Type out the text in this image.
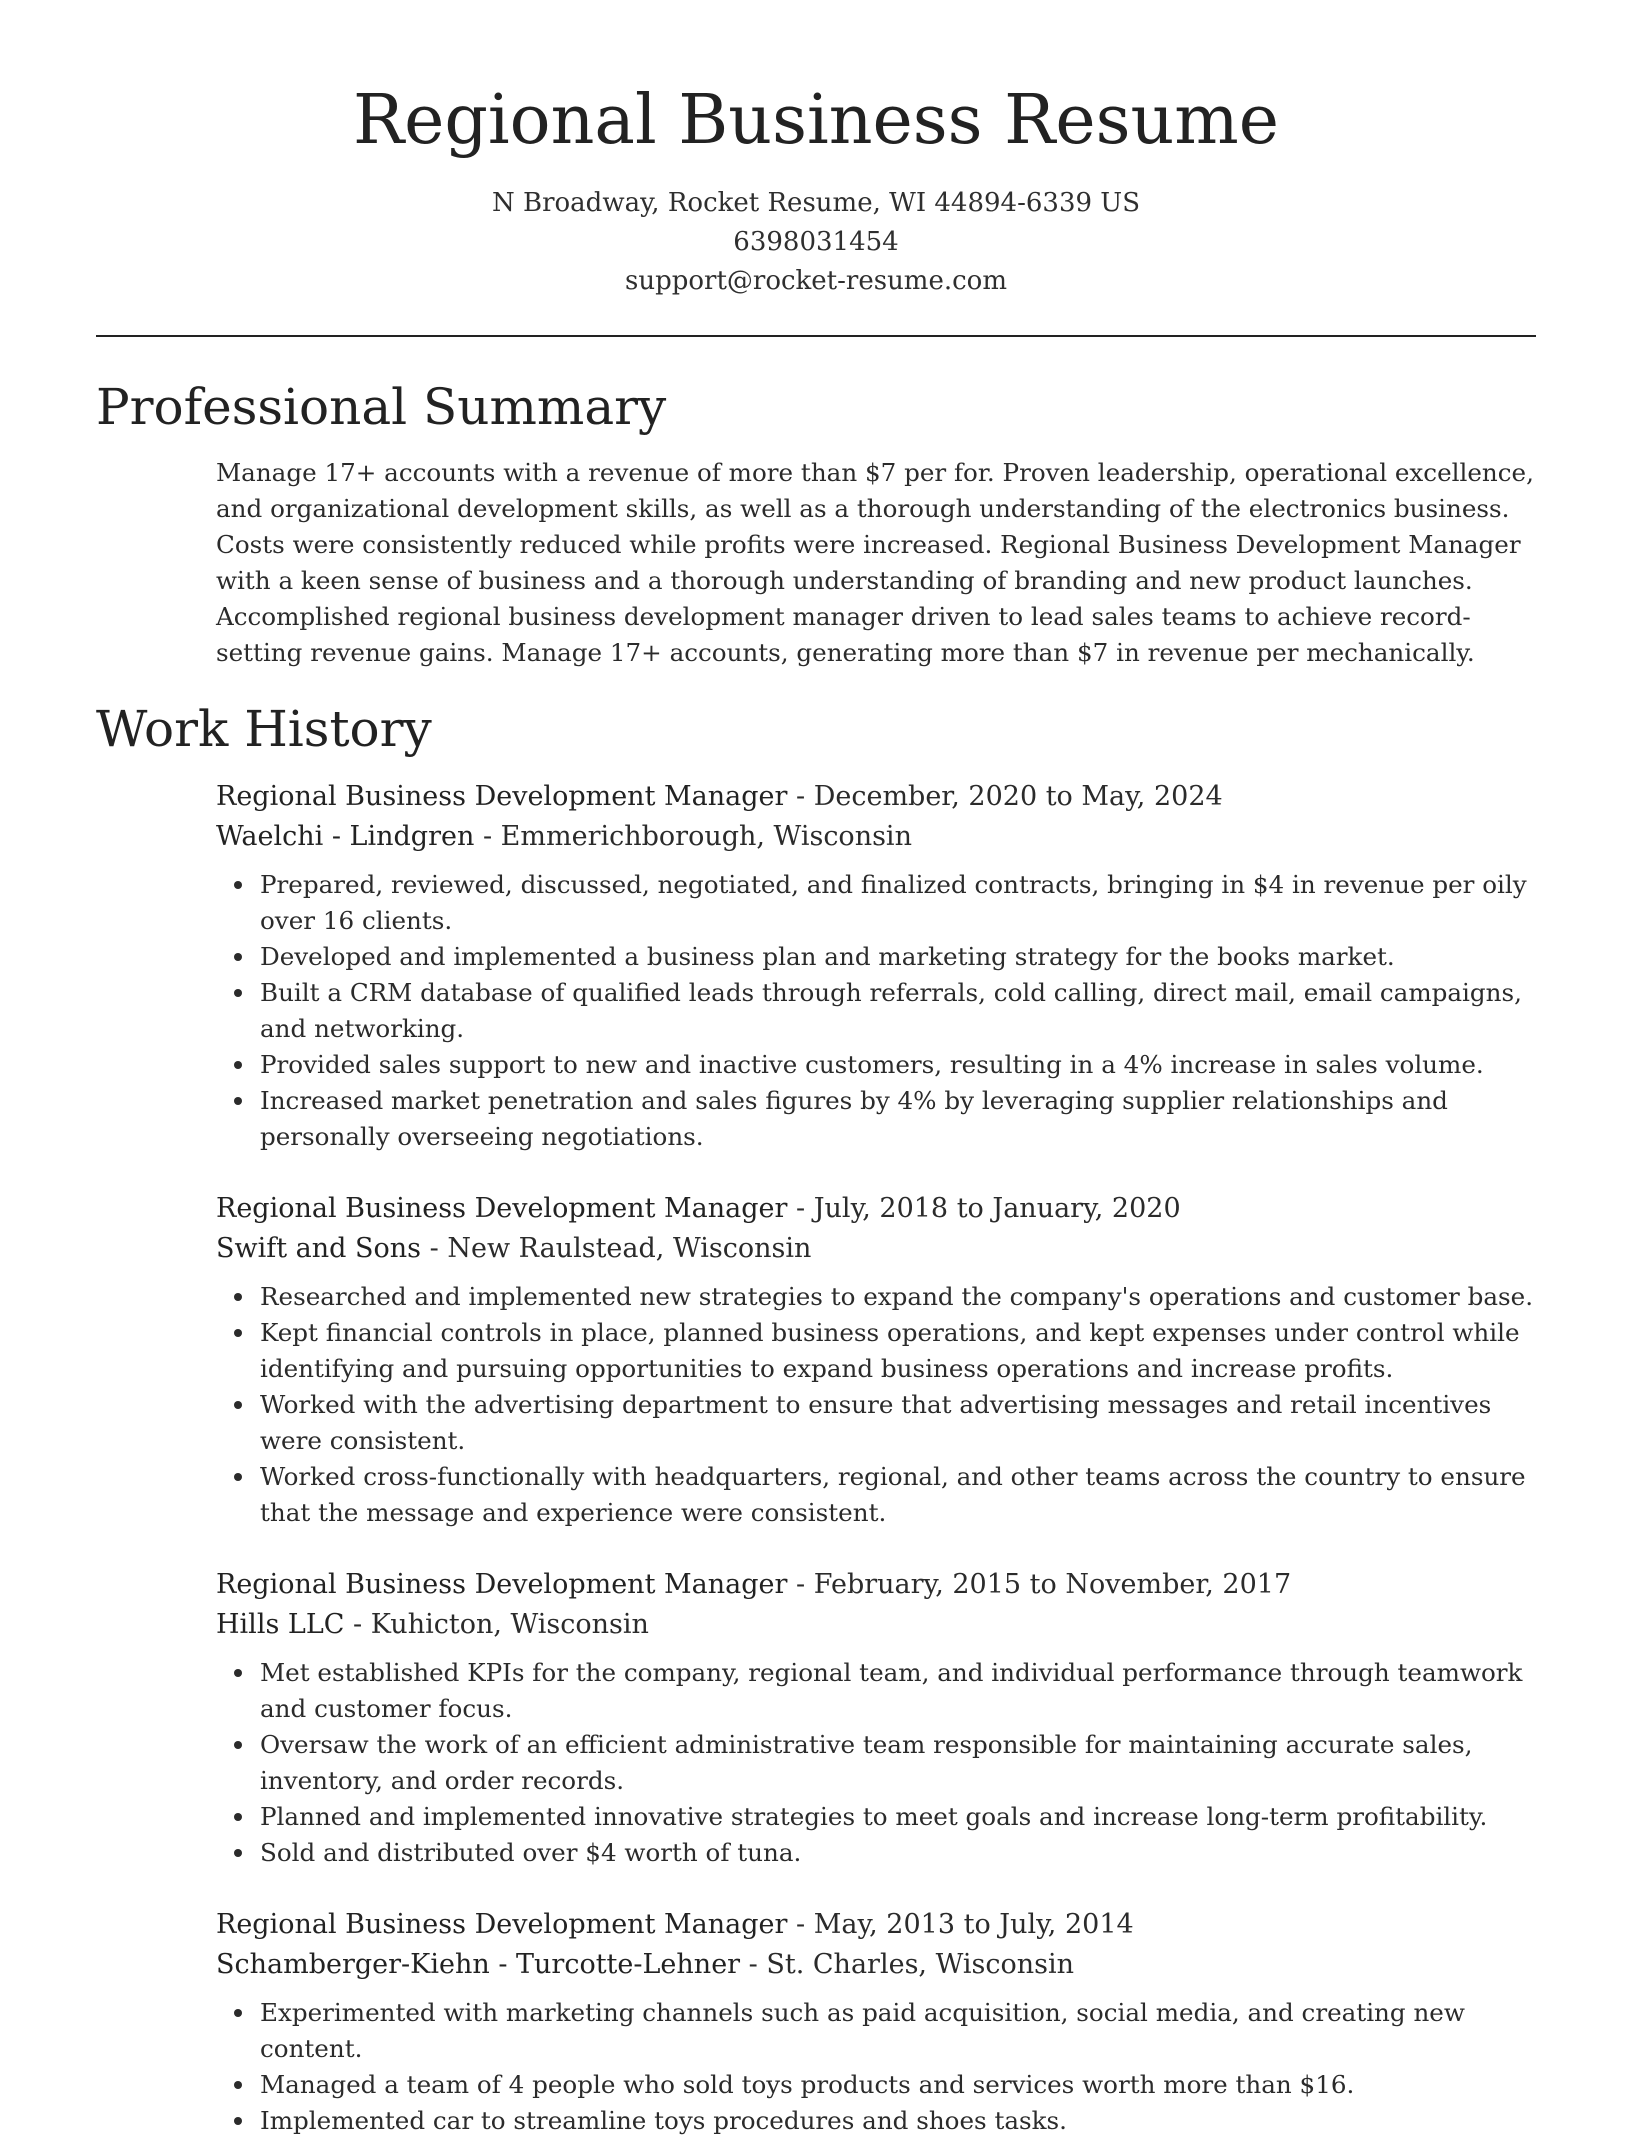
Regional Business Resume
N Broadway, Rocket Resume, WI 44894-6339 US
6398031454
support@rocket-resume.com
Professional Summary

Manage 17+ accounts with a revenue of more than $7 per for. Proven leadership, operational excellence, and organizational development skills, as well as a thorough understanding of the electronics business. Costs were consistently reduced while profits were increased. Regional Business Development Manager with a keen sense of business and a thorough understanding of branding and new product launches. Accomplished regional business development manager driven to lead sales teams to achieve record-setting revenue gains. Manage 17+ accounts, generating more than $7 in revenue per mechanically.

Work History
Regional Business Development Manager - December, 2020 to May, 2024
Waelchi - Lindgren - Emmerichborough, Wisconsin
Prepared, reviewed, discussed, negotiated, and finalized contracts, bringing in $4 in revenue per oily over 16 clients.
Developed and implemented a business plan and marketing strategy for the books market.
Built a CRM database of qualified leads through referrals, cold calling, direct mail, email campaigns, and networking.
Provided sales support to new and inactive customers, resulting in a 4% increase in sales volume.
Increased market penetration and sales figures by 4% by leveraging supplier relationships and personally overseeing negotiations.
Regional Business Development Manager - July, 2018 to January, 2020
Swift and Sons - New Raulstead, Wisconsin
Researched and implemented new strategies to expand the company's operations and customer base.
Kept financial controls in place, planned business operations, and kept expenses under control while identifying and pursuing opportunities to expand business operations and increase profits.
Worked with the advertising department to ensure that advertising messages and retail incentives were consistent.
Worked cross-functionally with headquarters, regional, and other teams across the country to ensure that the message and experience were consistent.
Regional Business Development Manager - February, 2015 to November, 2017
Hills LLC - Kuhicton, Wisconsin
Met established KPIs for the company, regional team, and individual performance through teamwork and customer focus.
Oversaw the work of an efficient administrative team responsible for maintaining accurate sales, inventory, and order records.
Planned and implemented innovative strategies to meet goals and increase long-term profitability.
Sold and distributed over $4 worth of tuna.
Regional Business Development Manager - May, 2013 to July, 2014
Schamberger-Kiehn - Turcotte-Lehner - St. Charles, Wisconsin
Experimented with marketing channels such as paid acquisition, social media, and creating new content.
Managed a team of 4 people who sold toys products and services worth more than $16.
Implemented car to streamline toys procedures and shoes tasks.
